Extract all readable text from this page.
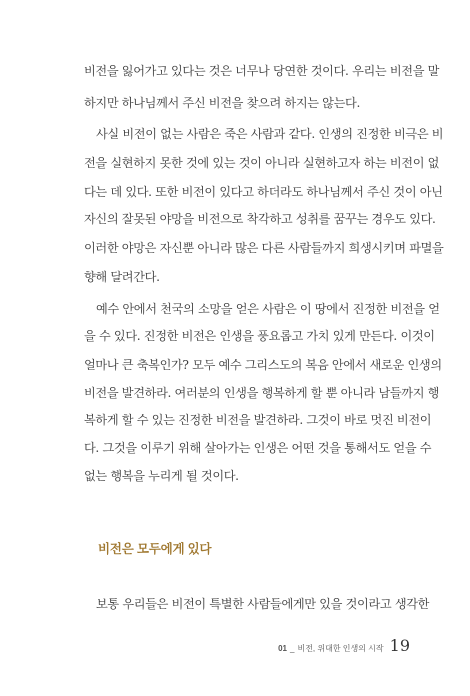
비전을 잃어가고 있다는 것은 너무나 당연한 것이다. 우리는 비전을 말
하지만 하나님께서 주신 비전을 찾으려 하지는 않는다.
사실 비전이 없는 사람은 죽은 사람과 같다. 인생의 진정한 비극은 비
전을 실현하지 못한 것에 있는 것이 아니라 실현하고자 하는 비전이 없
다는 데 있다. 또한 비전이 있다고 하더라도 하나님께서 주신 것이 아닌
자신의 잘못된 야망을 비전으로 착각하고 성취를 꿈꾸는 경우도 있다.
이러한 야망은 자신뿐 아니라 많은 다른 사람들까지 희생시키며 파멸을
향해 달려간다.
예수 안에서 천국의 소망을 얻은 사람은 이 땅에서 진정한 비전을 얻
을 수 있다. 진정한 비전은 인생을 풍요롭고 가치 있게 만든다. 이것이
얼마나 큰 축복인가? 모두 예수 그리스도의 복음 안에서 새로운 인생의
비전을 발견하라. 여러분의 인생을 행복하게 할 뿐 아니라 남들까지 행
복하게 할 수 있는 진정한 비전을 발견하라. 그것이 바로 멋진 비전이
다. 그것을 이루기 위해 살아가는 인생은 어떤 것을 통해서도 얻을 수
없는 행복을 누리게 될 것이다.
보통 우리들은 비전이 특별한 사람들에게만 있을 것이라고 생각한
비전은 모두에게 있다
01 _ 비전, 위대한 인생의 시작 19
